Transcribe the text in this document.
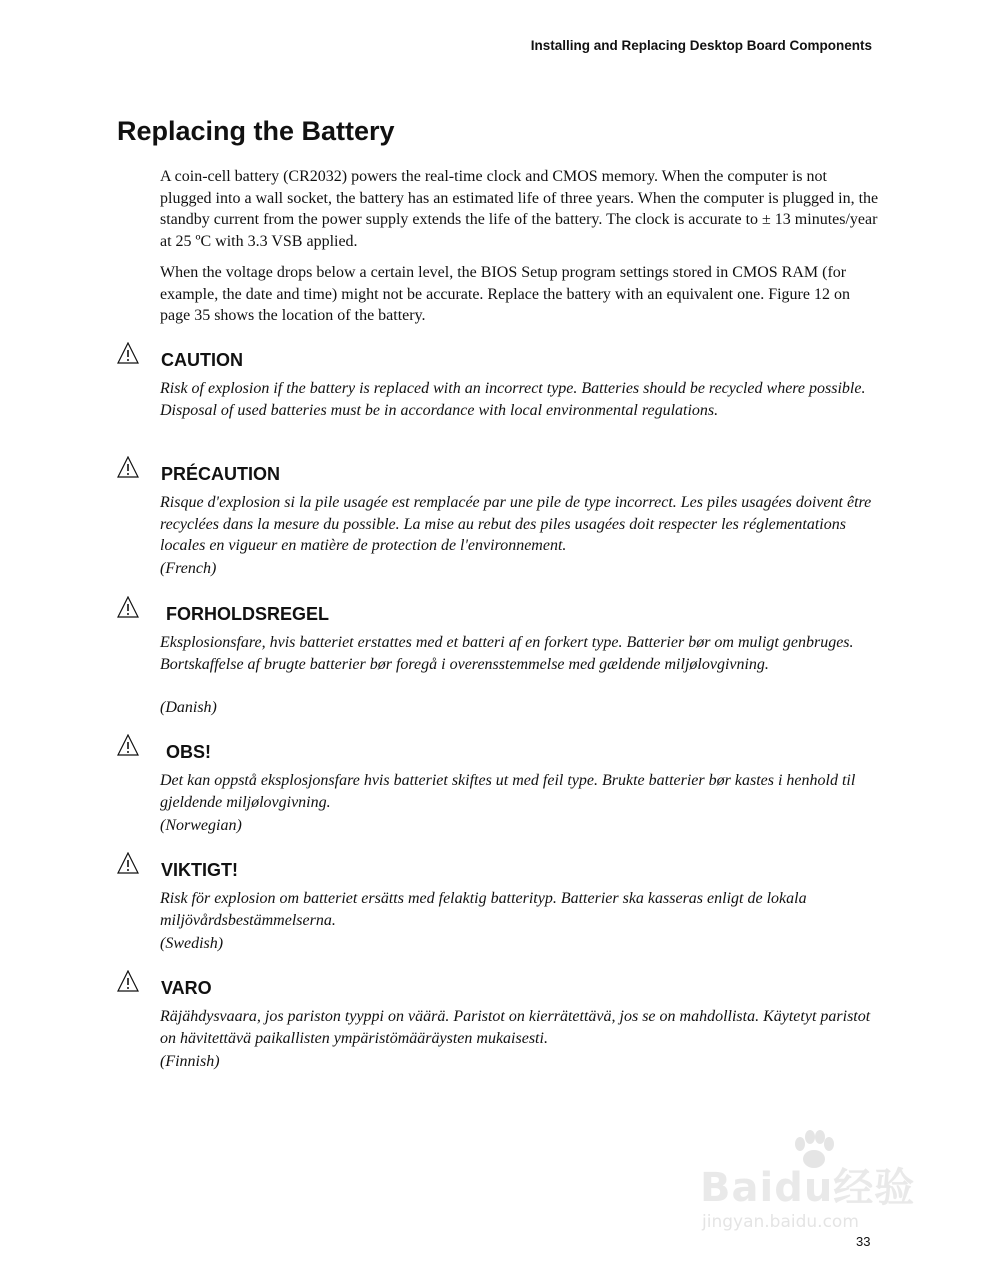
Installing and Replacing Desktop Board Components
Replacing the Battery

A coin-cell battery (CR2032) powers the real-time clock and CMOS memory. When the computer is not plugged into a wall socket, the battery has an estimated life of three years. When the computer is plugged in, the standby current from the power supply extends the life of the battery. The clock is accurate to ± 13 minutes/year at 25 ºC with 3.3 VSB applied.

When the voltage drops below a certain level, the BIOS Setup program settings stored in CMOS RAM (for example, the date and time) might not be accurate. Replace the battery with an equivalent one. Figure 12 on page 35 shows the location of the battery.

CAUTION

Risk of explosion if the battery is replaced with an incorrect type. Batteries should be recycled where possible. Disposal of used batteries must be in accordance with local environmental regulations.

PRÉCAUTION

Risque d'explosion si la pile usagée est remplacée par une pile de type incorrect. Les piles usagées doivent être recyclées dans la mesure du possible. La mise au rebut des piles usagées doit respecter les réglementations locales en vigueur en matière de protection de l'environnement.

(French)

FORHOLDSREGEL

Eksplosionsfare, hvis batteriet erstattes med et batteri af en forkert type. Batterier bør om muligt genbruges. Bortskaffelse af brugte batterier bør foregå i overensstemmelse med gældende miljølovgivning.

(Danish)

OBS!

Det kan oppstå eksplosjonsfare hvis batteriet skiftes ut med feil type. Brukte batterier bør kastes i henhold til gjeldende miljølovgivning.

(Norwegian)

VIKTIGT!

Risk för explosion om batteriet ersätts med felaktig batterityp. Batterier ska kasseras enligt de lokala miljövårdsbestämmelserna.

(Swedish)

VARO

Räjähdysvaara, jos pariston tyyppi on väärä. Paristot on kierrätettävä, jos se on mahdollista. Käytetyt paristot on hävitettävä paikallisten ympäristömääräysten mukaisesti.

(Finnish)

Baidu经验
jingyan.baidu.com
33
